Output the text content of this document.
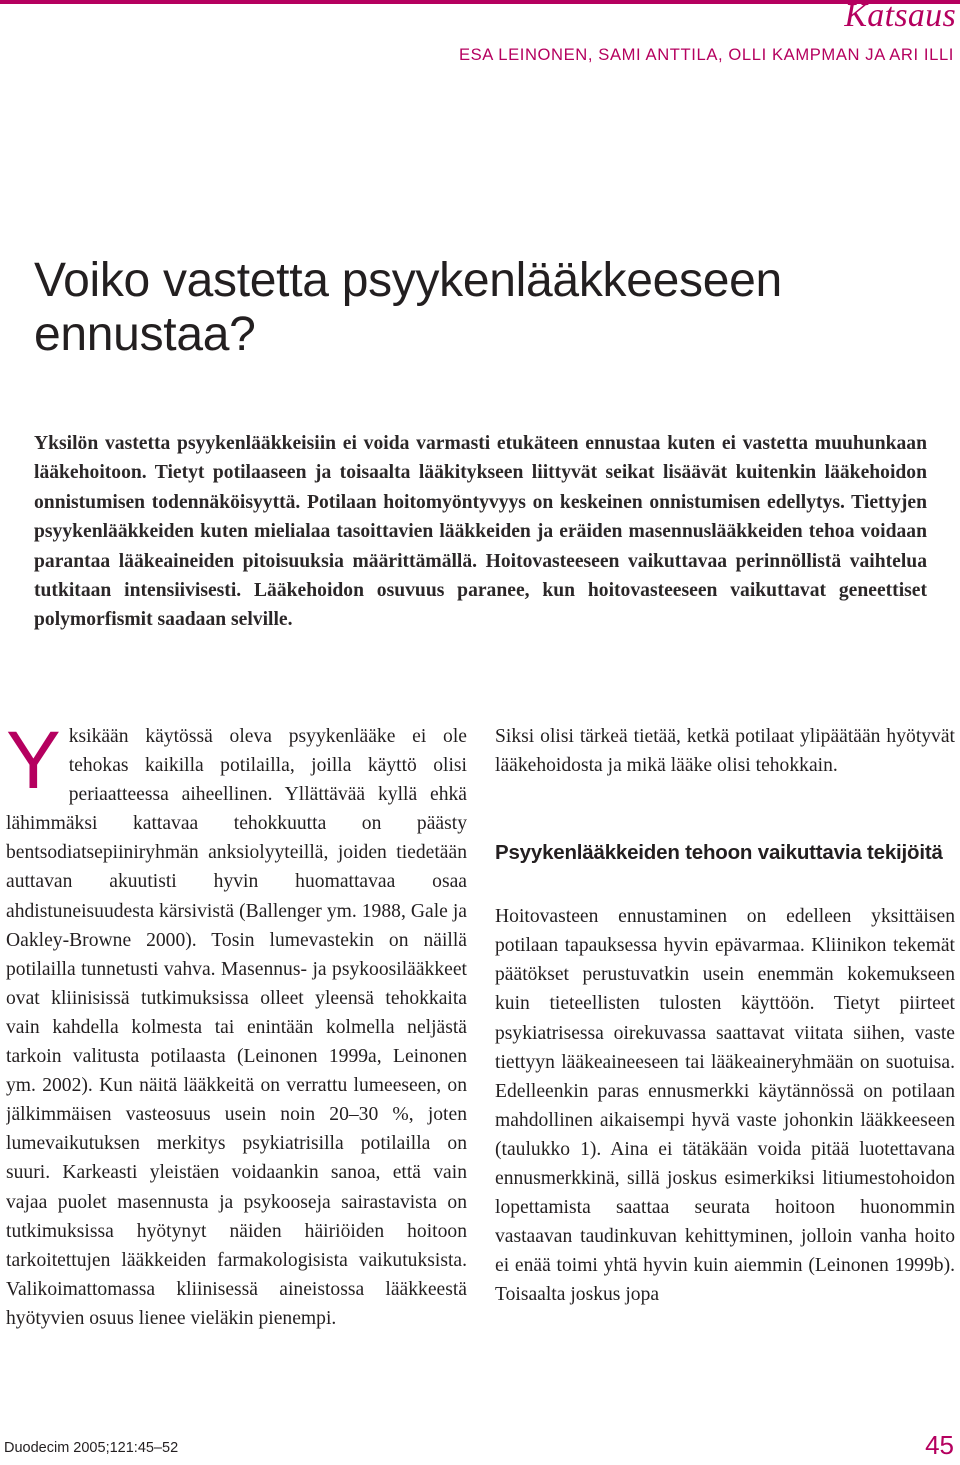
Katsaus
ESA LEINONEN, SAMI ANTTILA, OLLI KAMPMAN JA ARI ILLI
Voiko vastetta psyykenlääkkeeseen ennustaa?

Yksilön vastetta psyykenlääkkeisiin ei voida varmasti etukäteen ennustaa kuten ei vastetta muuhunkaan lääkehoitoon. Tietyt potilaaseen ja toisaalta lääkitykseen liittyvät seikat lisäävät kuitenkin lääkehoidon onnistumisen todennäköisyyttä. Potilaan hoitomyöntyvyys on keskeinen onnistumisen edellytys. Tiettyjen psyykenlääkkeiden kuten mielialaa tasoittavien lääkkeiden ja eräiden masennuslääkkeiden tehoa voidaan parantaa lääkeaineiden pitoisuuksia määrittämällä. Hoitovasteeseen vaikuttavaa perinnöllistä vaihtelua tutkitaan intensiivisesti. Lääkehoidon osuvuus paranee, kun hoitovasteeseen vaikuttavat geneettiset polymorfismit saadaan selville.

Yksikään käytössä oleva psyykenlääke ei ole tehokas kaikilla potilailla, joilla käyttö olisi periaatteessa aiheellinen. Yllättävää kyllä ehkä lähimmäksi kattavaa tehokkuutta on päästy bentsodiatsepiiniryhmän anksiolyyteillä, joiden tiedetään auttavan akuutisti hyvin huomattavaa osaa ahdistuneisuudesta kärsivistä (Ballenger ym. 1988, Gale ja Oakley-Browne 2000). Tosin lumevastekin on näillä potilailla tunnetusti vahva. Masennus- ja psykoosilääkkeet ovat kliinisissä tutkimuksissa olleet yleensä tehokkaita vain kahdella kolmesta tai enintään kolmella neljästä tarkoin valitusta potilaasta (Leinonen 1999a, Leinonen ym. 2002). Kun näitä lääkkeitä on verrattu lumeeseen, on jälkimmäisen vasteosuus usein noin 20–30 %, joten lumevaikutuksen merkitys psykiatrisilla potilailla on suuri. Karkeasti yleistäen voidaankin sanoa, että vain vajaa puolet masennusta ja psykooseja sairastavista on tutkimuksissa hyötynyt näiden häiriöiden hoitoon tarkoitettujen lääkkeiden farmakologisista vaikutuksista. Valikoimattomassa kliinisessä aineistossa lääkkeestä hyötyvien osuus lienee vieläkin pienempi.

Siksi olisi tärkeä tietää, ketkä potilaat ylipäätään hyötyvät lääkehoidosta ja mikä lääke olisi tehokkain.

Psyykenlääkkeiden tehoon vaikuttavia tekijöitä

Hoitovasteen ennustaminen on edelleen yksittäisen potilaan tapauksessa hyvin epävarmaa. Kliinikon tekemät päätökset perustuvatkin usein enemmän kokemukseen kuin tieteellisten tulosten käyttöön. Tietyt piirteet psykiatrisessa oirekuvassa saattavat viitata siihen, vaste tiettyyn lääkeaineeseen tai lääkeaineryhmään on suotuisa. Edelleenkin paras ennusmerkki käytännössä on potilaan mahdollinen aikaisempi hyvä vaste johonkin lääkkeeseen (taulukko 1). Aina ei tätäkään voida pitää luotettavana ennusmerkkinä, sillä joskus esimerkiksi litiumestohoidon lopettamista saattaa seurata hoitoon huonommin vastaavan taudinkuvan kehittyminen, jolloin vanha hoito ei enää toimi yhtä hyvin kuin aiemmin (Leinonen 1999b). Toisaalta joskus jopa

Duodecim 2005;121:45–52	45
